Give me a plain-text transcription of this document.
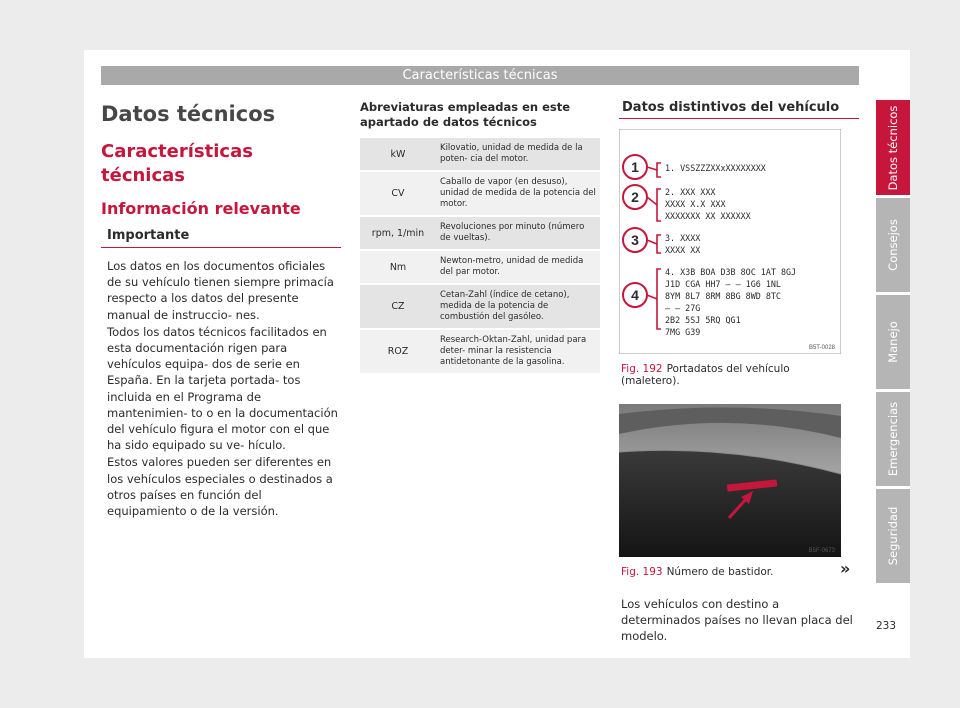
Características técnicas
Datos técnicos
Características técnicas
Información relevante
Importante

Los datos en los documentos oficiales de su vehículo tienen siempre primacía respecto a los datos del presente manual de instruccio- nes.

Todos los datos técnicos facilitados en esta documentación rigen para vehículos equipa- dos de serie en España. En la tarjeta portada- tos incluida en el Programa de mantenimien- to o en la documentación del vehículo figura el motor con el que ha sido equipado su ve- hículo.

Estos valores pueden ser diferentes en los vehículos especiales o destinados a otros países en función del equipamiento o de la versión.

Abreviaturas empleadas en este apartado de datos técnicos
kW	Kilovatio, unidad de medida de la poten- cia del motor.
CV	Caballo de vapor (en desuso), unidad de medida de la potencia del motor.
rpm, 1/min	Revoluciones por minuto (número de vueltas).
Nm	Newton-metro, unidad de medida del par motor.
CZ	Cetan-Zahl (índice de cetano), medida de la potencia de combustión del gasóleo.
ROZ	Research-Oktan-Zahl, unidad para deter- minar la resistencia antidetonante de la gasolina.
Datos distintivos del vehículo
1
2
3
4
1. VSSZZZXXxXXXXXXXX
2. XXX XXX
XXXX X.X XXX
XXXXXXX XX XXXXXX
3. XXXX
XXXX XX
4. X3B BOA D3B 8OC 1AT 8GJ
J1D CGA HH7 — — 1G6 1NL
8YM 8L7 8RM 8BG 8WD 8TC
— — 27G
2B2 5SJ 5RQ QG1
7MG G39
B5T-0028
Fig. 192 Portadatos del vehículo (maletero).
B5F-0673
Fig. 193 Número de bastidor.

Los vehículos con destino a determinados países no llevan placa del modelo.

»
Datos técnicos
Consejos
Manejo
Emergencias
Seguridad
233
